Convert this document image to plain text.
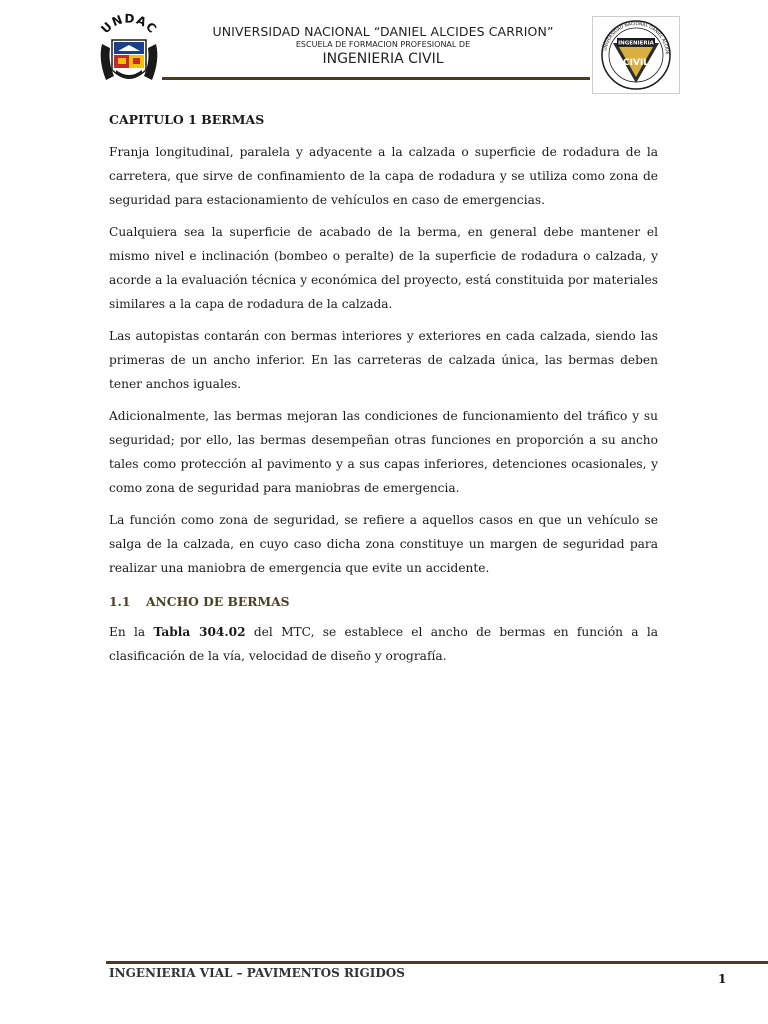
UNDAC	UNIVERSIDAD NACIONAL “DANIEL ALCIDES CARRION”
ESCUELA DE FORMACION PROFESIONAL DE
INGENIERIA CIVIL
UNIVERSIDAD NACIONAL DANIEL ALCIDE I
INGENIERIA
CIVIL
CAPITULO 1 BERMAS

Franja longitudinal, paralela y adyacente a la calzada o superficie de rodadura de la carretera, que sirve de confinamiento de la capa de rodadura y se utiliza como zona de seguridad para estacionamiento de vehículos en caso de emergencias.

Cualquiera sea la superficie de acabado de la berma, en general debe mantener el mismo nivel e inclinación (bombeo o peralte) de la superficie de rodadura o calzada, y acorde a la evaluación técnica y económica del proyecto, está constituida por materiales similares a la capa de rodadura de la calzada.

Las autopistas contarán con bermas interiores y exteriores en cada calzada, siendo las primeras de un ancho inferior. En las carreteras de calzada única, las bermas deben tener anchos iguales.

Adicionalmente, las bermas mejoran las condiciones de funcionamiento del tráfico y su seguridad; por ello, las bermas desempeñan otras funciones en proporción a su ancho tales como protección al pavimento y a sus capas inferiores, detenciones ocasionales, y como zona de seguridad para maniobras de emergencia.

La función como zona de seguridad, se refiere a aquellos casos en que un vehículo se salga de la calzada, en cuyo caso dicha zona constituye un margen de seguridad para realizar una maniobra de emergencia que evite un accidente.

1.1 ANCHO DE BERMAS

En la Tabla 304.02 del MTC, se establece el ancho de bermas en función a la clasificación de la vía, velocidad de diseño y orografía.

INGENIERIA VIAL – PAVIMENTOS RIGIDOS	1
